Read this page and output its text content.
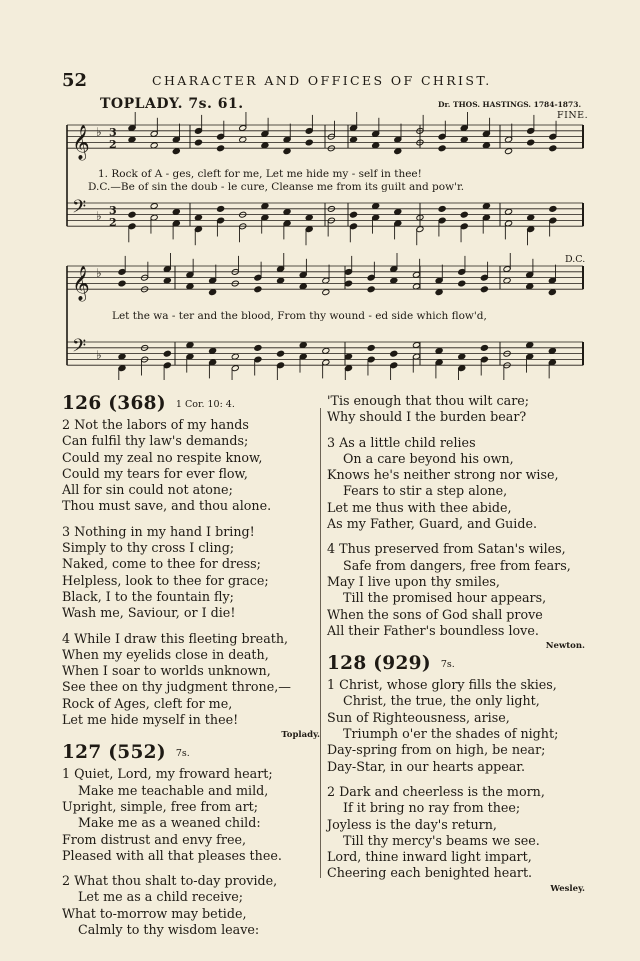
52	CHARACTER AND OFFICES OF CHRIST.
TOPLADY. 7s. 61.	Dr. THOS. HASTINGS. 1784-1873.
FINE.
D.C.
𝄞 ♭ 3
2
𝄢 ♭ 3
2
𝄞 ♭
𝄢 ♭
1. Rock of A - ges, cleft for me, Let me hide my - self in thee!
D.C.—Be of sin the doub - le cure, Cleanse me from its guilt and pow'r.
Let the wa - ter and the blood, From thy wound - ed side which flow'd,
126 (368) 1 Cor. 10: 4.
2 Not the labors of my hands
Can fulfil thy law's demands;
Could my zeal no respite know,
Could my tears for ever flow,
All for sin could not atone;
Thou must save, and thou alone.
3 Nothing in my hand I bring!
Simply to thy cross I cling;
Naked, come to thee for dress;
Helpless, look to thee for grace;
Black, I to the fountain fly;
Wash me, Saviour, or I die!
4 While I draw this fleeting breath,
When my eyelids close in death,
When I soar to worlds unknown,
See thee on thy judgment throne,—
Rock of Ages, cleft for me,
Let me hide myself in thee!
Toplady.
127 (552) 7s.
1 Quiet, Lord, my froward heart;
Make me teachable and mild,
Upright, simple, free from art;
Make me as a weaned child:
From distrust and envy free,
Pleased with all that pleases thee.
2 What thou shalt to-day provide,
Let me as a child receive;
What to-morrow may betide,
Calmly to thy wisdom leave:
'Tis enough that thou wilt care;
Why should I the burden bear?
3 As a little child relies
On a care beyond his own,
Knows he's neither strong nor wise,
Fears to stir a step alone,
Let me thus with thee abide,
As my Father, Guard, and Guide.
4 Thus preserved from Satan's wiles,
Safe from dangers, free from fears,
May I live upon thy smiles,
Till the promised hour appears,
When the sons of God shall prove
All their Father's boundless love.
Newton.
128 (929) 7s.
1 Christ, whose glory fills the skies,
Christ, the true, the only light,
Sun of Righteousness, arise,
Triumph o'er the shades of night;
Day-spring from on high, be near;
Day-Star, in our hearts appear.
2 Dark and cheerless is the morn,
If it bring no ray from thee;
Joyless is the day's return,
Till thy mercy's beams we see.
Lord, thine inward light impart,
Cheering each benighted heart.
Wesley.
